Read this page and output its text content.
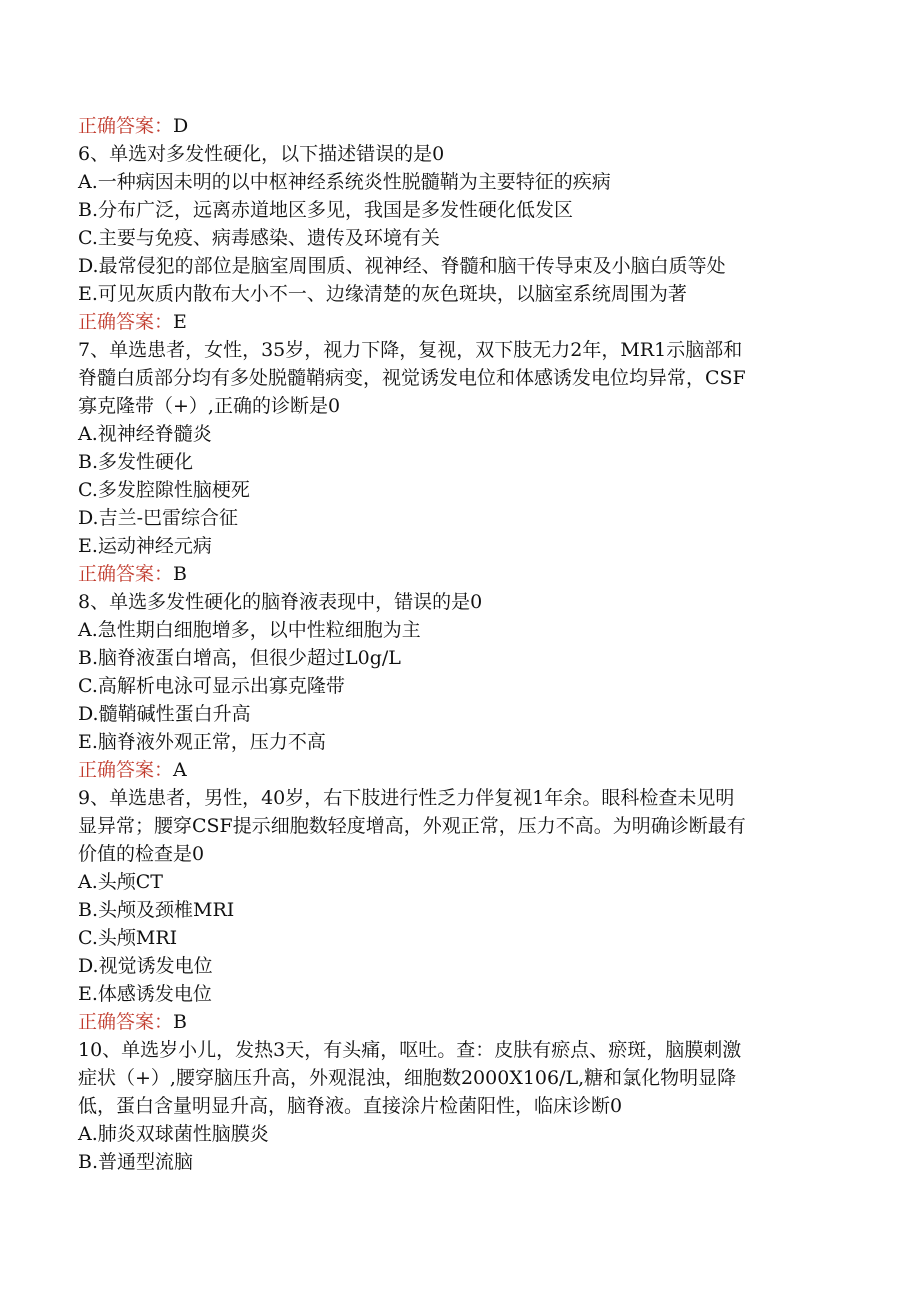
正确答案：D
6、单选对多发性硬化，以下描述错误的是0
A.一种病因未明的以中枢神经系统炎性脱髓鞘为主要特征的疾病
B.分布广泛，远离赤道地区多见，我国是多发性硬化低发区
C.主要与免疫、病毒感染、遗传及环境有关
D.最常侵犯的部位是脑室周围质、视神经、脊髓和脑干传导束及小脑白质等处
E.可见灰质内散布大小不一、边缘清楚的灰色斑块，以脑室系统周围为著
正确答案：E
7、单选患者，女性，35岁，视力下降，复视，双下肢无力2年，MR1示脑部和
脊髓白质部分均有多处脱髓鞘病变，视觉诱发电位和体感诱发电位均异常，CSF
寡克隆带（+）,正确的诊断是0
A.视神经脊髓炎
B.多发性硬化
C.多发腔隙性脑梗死
D.吉兰-巴雷综合征
E.运动神经元病
正确答案：B
8、单选多发性硬化的脑脊液表现中，错误的是0
A.急性期白细胞增多，以中性粒细胞为主
B.脑脊液蛋白增高，但很少超过L0g/L
C.高解析电泳可显示出寡克隆带
D.髓鞘碱性蛋白升高
E.脑脊液外观正常，压力不高
正确答案：A
9、单选患者，男性，40岁，右下肢进行性乏力伴复视1年余。眼科检查未见明
显异常；腰穿CSF提示细胞数轻度增高，外观正常，压力不高。为明确诊断最有
价值的检查是0
A.头颅CT
B.头颅及颈椎MRI
C.头颅MRI
D.视觉诱发电位
E.体感诱发电位
正确答案：B
10、单选岁小儿，发热3天，有头痛，呕吐。查：皮肤有瘀点、瘀斑，脑膜刺激
症状（+）,腰穿脑压升高，外观混浊，细胞数2000X106/L,糖和氯化物明显降
低，蛋白含量明显升高，脑脊液。直接涂片检菌阳性，临床诊断0
A.肺炎双球菌性脑膜炎
B.普通型流脑
